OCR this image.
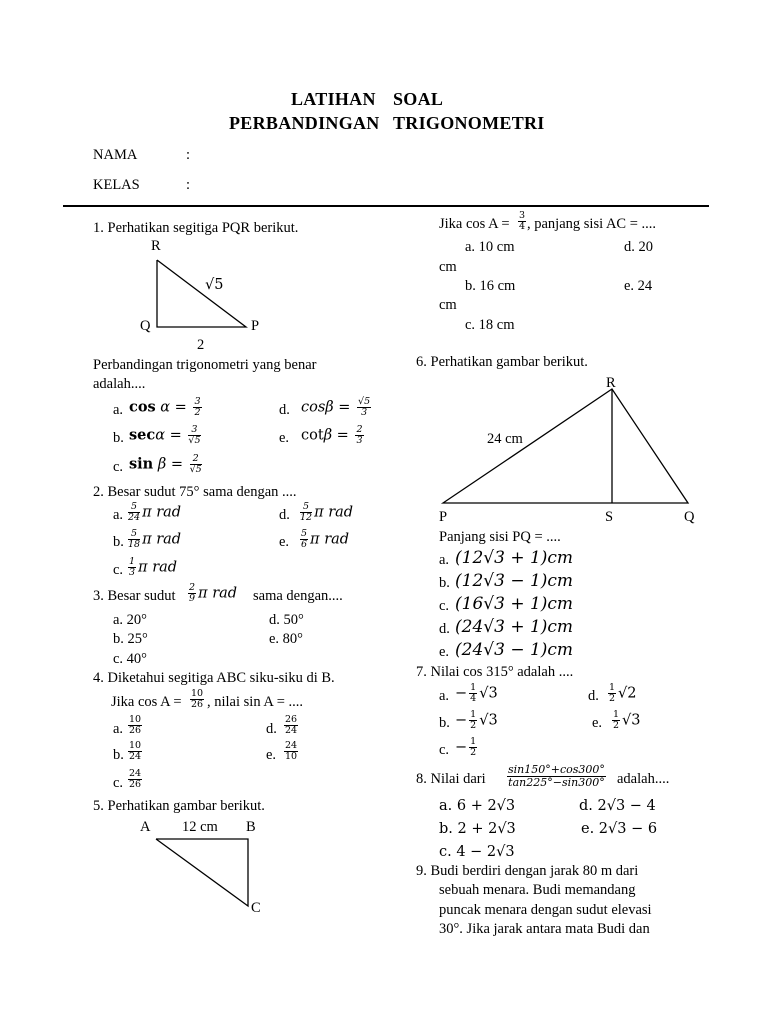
LATIHAN SOAL
PERBANDINGAN TRIGONOMETRI
NAMA	:
KELAS	:
1. Perhatikan segitiga PQR berikut.
R
Q	P
2
√5
Perbandingan trigonometri yang benar
adalah....
a. $\cos \alpha = \frac{3}{2}$
b. $\sec\alpha = \frac{3}{√5}$
c. $\sin \beta = \frac{2}{√5}$
d. $\cos\beta = \frac{√5}{3}$
e. $\cot\beta = \frac{2}{3}$
2. Besar sudut 75° sama dengan ....
a. $\frac{5}{24}$ π rad
b. $\frac{5}{18}$ π rad
c. $\frac{1}{3}$ π rad
d. $\frac{5}{12}$ π rad
e. $\frac{5}{6}$ π rad
3. Besar sudut $\frac{2}{9}$ π rad sama dengan....
a. 20°
b. 25°
c. 40°
d. 50°
e. 80°
4. Diketahui segitiga ABC siku-siku di B.
Jika $\cos A = \frac{10}{26}$ , nilai sin A = ....
a. $\frac{10}{26}$
b. $\frac{10}{24}$
c. $\frac{24}{26}$
d. $\frac{26}{24}$
e. $\frac{24}{10}$
5. Perhatikan gambar berikut.
A 12 cm B
C
Jika $\cos A = \frac{3}{4}$ , panjang sisi AC = ....
a. 10 cm	d. 20
cm
b. 16 cm	e. 24
cm
c. 18 cm
6. Perhatikan gambar berikut.
R
24 cm
P	S	Q
Panjang sisi PQ = ....
a. (12√3 + 1)cm
b. (12√3 − 1)cm
c. (16√3 + 1)cm
d. (24√3 + 1)cm
e. (24√3 − 1)cm
7. Nilai cos 315° adalah ....
a. − $\frac{1}{4} √3$
b. − $\frac{1}{2} √3$
c. − $\frac{1}{2}$
d. $\frac{1}{2} √2$
e. $\frac{1}{2} √3$
8. Nilai dari $\frac{\sin 150^\circ+\cos 300^\circ}{\tan 225^\circ-\sin 300^\circ}$ adalah....
a. 6 + 2√3
b. 2 + 2√3
c. 4 − 2√3
d. 2√3 − 4
e. 2√3 − 6
9. Budi berdiri dengan jarak 80 m dari
sebuah menara. Budi memandang
puncak menara dengan sudut elevasi
30°. Jika jarak antara mata Budi dan
